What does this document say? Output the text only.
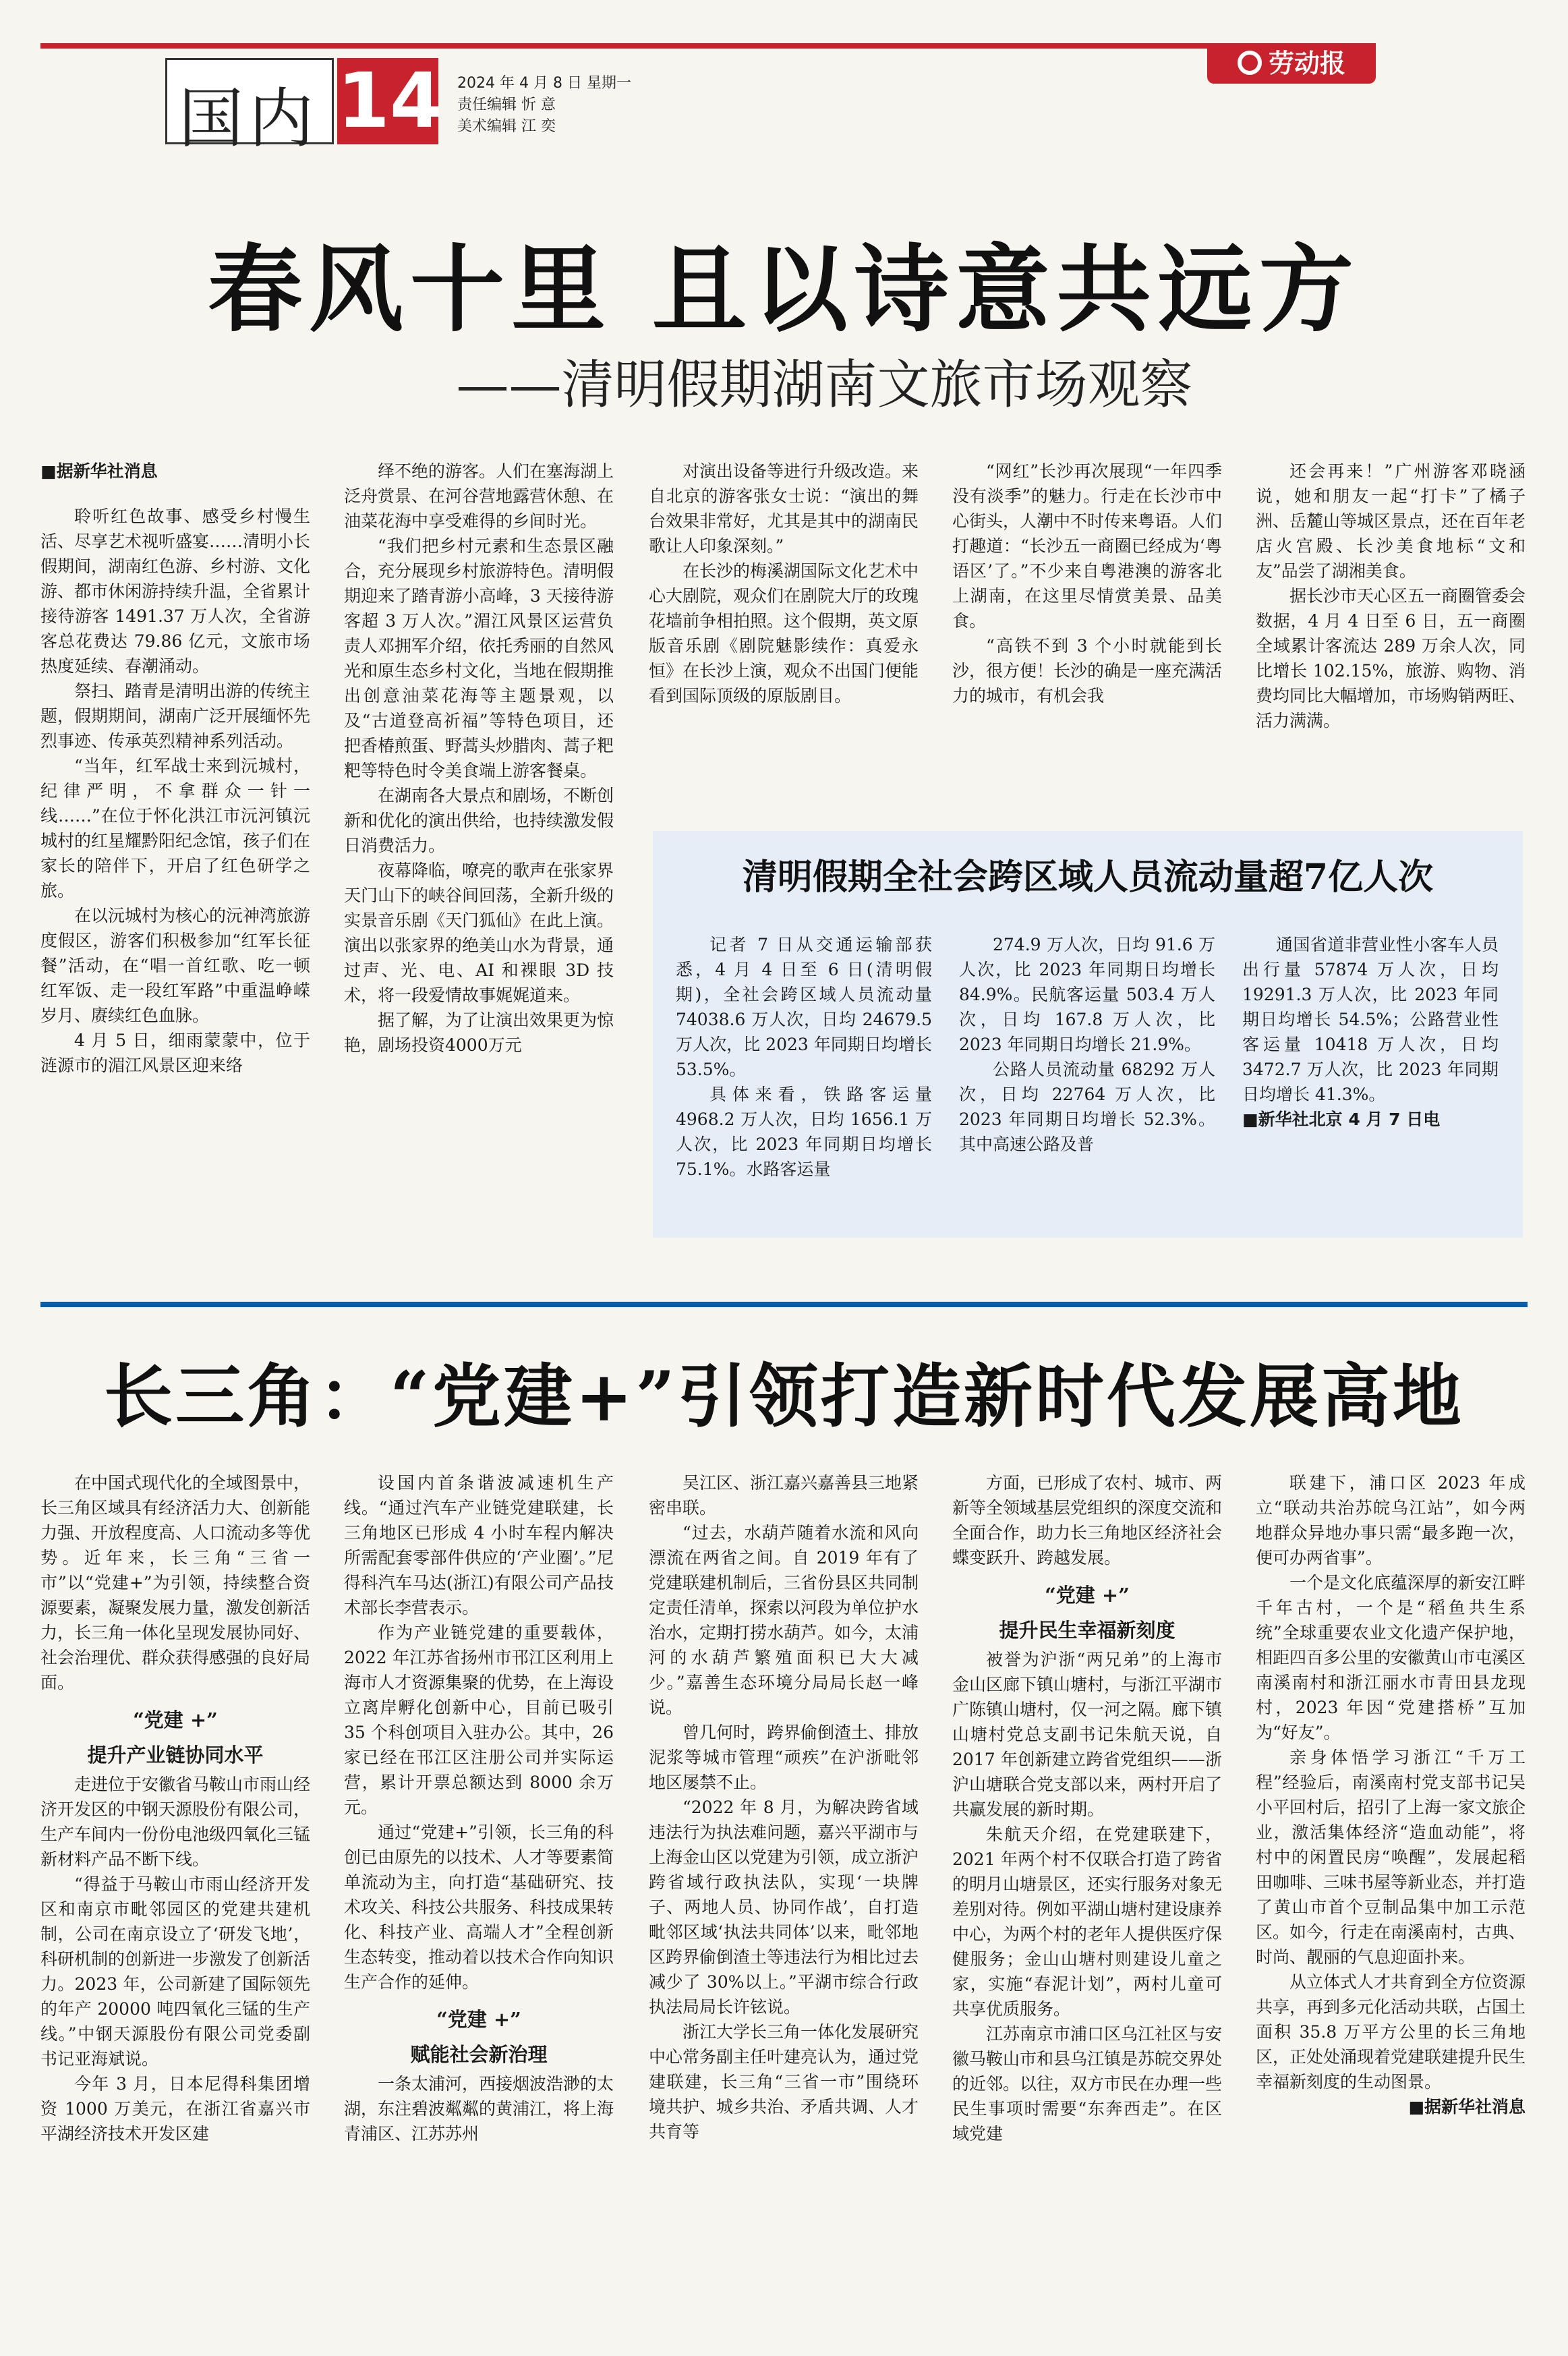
国内 14 2024 年 4 月 8 日 星期一
责任编辑 忻 意
美术编辑 江 奕
劳动报
春风十里 且以诗意共远方
——清明假期湖南文旅市场观察

■据新华社消息

聆听红色故事、感受乡村慢生活、尽享艺术视听盛宴……清明小长假期间，湖南红色游、乡村游、文化游、都市休闲游持续升温，全省累计接待游客 1491.37 万人次，全省游客总花费达 79.86 亿元，文旅市场热度延续、春潮涌动。

祭扫、踏青是清明出游的传统主题，假期期间，湖南广泛开展缅怀先烈事迹、传承英烈精神系列活动。

“当年，红军战士来到沅城村，纪律严明，不拿群众一针一线……”在位于怀化洪江市沅河镇沅城村的红星耀黔阳纪念馆，孩子们在家长的陪伴下，开启了红色研学之旅。

在以沅城村为核心的沅神湾旅游度假区，游客们积极参加“红军长征餐”活动，在“唱一首红歌、吃一顿红军饭、走一段红军路”中重温峥嵘岁月、赓续红色血脉。

4 月 5 日，细雨蒙蒙中，位于涟源市的湄江风景区迎来络

绎不绝的游客。人们在塞海湖上泛舟赏景、在河谷营地露营休憩、在油菜花海中享受难得的乡间时光。

“我们把乡村元素和生态景区融合，充分展现乡村旅游特色。清明假期迎来了踏青游小高峰，3 天接待游客超 3 万人次。”湄江风景区运营负责人邓拥军介绍，依托秀丽的自然风光和原生态乡村文化，当地在假期推出创意油菜花海等主题景观，以及“古道登高祈福”等特色项目，还把香椿煎蛋、野蒿头炒腊肉、蒿子粑粑等特色时令美食端上游客餐桌。

在湖南各大景点和剧场，不断创新和优化的演出供给，也持续激发假日消费活力。

夜幕降临，嘹亮的歌声在张家界天门山下的峡谷间回荡，全新升级的实景音乐剧《天门狐仙》在此上演。演出以张家界的绝美山水为背景，通过声、光、电、AI 和裸眼 3D 技术，将一段爱情故事娓娓道来。

据了解，为了让演出效果更为惊艳，剧场投资4000万元

对演出设备等进行升级改造。来自北京的游客张女士说：“演出的舞台效果非常好，尤其是其中的湖南民歌让人印象深刻。”

在长沙的梅溪湖国际文化艺术中心大剧院，观众们在剧院大厅的玫瑰花墙前争相拍照。这个假期，英文原版音乐剧《剧院魅影续作：真爱永恒》在长沙上演，观众不出国门便能看到国际顶级的原版剧目。

“网红”长沙再次展现“一年四季没有淡季”的魅力。行走在长沙市中心街头，人潮中不时传来粤语。人们打趣道：“长沙五一商圈已经成为‘粤语区’了。”不少来自粤港澳的游客北上湖南，在这里尽情赏美景、品美食。

“高铁不到 3 个小时就能到长沙，很方便！长沙的确是一座充满活力的城市，有机会我

还会再来！”广州游客邓晓涵说，她和朋友一起“打卡”了橘子洲、岳麓山等城区景点，还在百年老店火宫殿、长沙美食地标“文和友”品尝了湖湘美食。

据长沙市天心区五一商圈管委会数据，4 月 4 日至 6 日，五一商圈全域累计客流达 289 万余人次，同比增长 102.15%，旅游、购物、消费均同比大幅增加，市场购销两旺、活力满满。

清明假期全社会跨区域人员流动量超7亿人次

记者 7 日从交通运输部获悉，4 月 4 日至 6 日(清明假期)，全社会跨区域人员流动量 74038.6 万人次，日均 24679.5 万人次，比 2023 年同期日均增长 53.5%。

具体来看，铁路客运量 4968.2 万人次，日均 1656.1 万人次，比 2023 年同期日均增长 75.1%。水路客运量

274.9 万人次，日均 91.6 万人次，比 2023 年同期日均增长 84.9%。民航客运量 503.4 万人次，日均 167.8 万人次，比 2023 年同期日均增长 21.9%。

公路人员流动量 68292 万人次，日均 22764 万人次，比 2023 年同期日均增长 52.3%。其中高速公路及普

通国省道非营业性小客车人员出行量 57874 万人次，日均 19291.3 万人次，比 2023 年同期日均增长 54.5%；公路营业性客运量 10418 万人次，日均 3472.7 万人次，比 2023 年同期日均增长 41.3%。

■新华社北京 4 月 7 日电

长三角：“党建+”引领打造新时代发展高地

在中国式现代化的全域图景中，长三角区域具有经济活力大、创新能力强、开放程度高、人口流动多等优势。近年来，长三角“三省一市”以“党建+”为引领，持续整合资源要素，凝聚发展力量，激发创新活力，长三角一体化呈现发展协同好、社会治理优、群众获得感强的良好局面。

“党建 +”
提升产业链协同水平

走进位于安徽省马鞍山市雨山经济开发区的中钢天源股份有限公司，生产车间内一份份电池级四氧化三锰新材料产品不断下线。

“得益于马鞍山市雨山经济开发区和南京市毗邻园区的党建共建机制，公司在南京设立了‘研发飞地’，科研机制的创新进一步激发了创新活力。2023 年，公司新建了国际领先的年产 20000 吨四氧化三锰的生产线。”中钢天源股份有限公司党委副书记亚海斌说。

今年 3 月，日本尼得科集团增资 1000 万美元，在浙江省嘉兴市平湖经济技术开发区建

设国内首条谐波减速机生产线。“通过汽车产业链党建联建，长三角地区已形成 4 小时车程内解决所需配套零部件供应的‘产业圈’。”尼得科汽车马达(浙江)有限公司产品技术部长李营表示。

作为产业链党建的重要载体，2022 年江苏省扬州市邗江区利用上海市人才资源集聚的优势，在上海设立离岸孵化创新中心，目前已吸引 35 个科创项目入驻办公。其中，26 家已经在邗江区注册公司并实际运营，累计开票总额达到 8000 余万元。

通过“党建+”引领，长三角的科创已由原先的以技术、人才等要素简单流动为主，向打造“基础研究、技术攻关、科技公共服务、科技成果转化、科技产业、高端人才”全程创新生态转变，推动着以技术合作向知识生产合作的延伸。

“党建 +”
赋能社会新治理

一条太浦河，西接烟波浩渺的太湖，东注碧波粼粼的黄浦江，将上海青浦区、江苏苏州

吴江区、浙江嘉兴嘉善县三地紧密串联。

“过去，水葫芦随着水流和风向漂流在两省之间。自 2019 年有了党建联建机制后，三省份县区共同制定责任清单，探索以河段为单位护水治水，定期打捞水葫芦。如今，太浦河的水葫芦繁殖面积已大大减少。”嘉善生态环境分局局长赵一峰说。

曾几何时，跨界偷倒渣土、排放泥浆等城市管理“顽疾”在沪浙毗邻地区屡禁不止。

“2022 年 8 月，为解决跨省域违法行为执法难问题，嘉兴平湖市与上海金山区以党建为引领，成立浙沪跨省域行政执法队，实现‘一块牌子、两地人员、协同作战’，自打造毗邻区域‘执法共同体’以来，毗邻地区跨界偷倒渣土等违法行为相比过去减少了 30%以上。”平湖市综合行政执法局局长许铉说。

浙江大学长三角一体化发展研究中心常务副主任叶建亮认为，通过党建联建，长三角“三省一市”围绕环境共护、城乡共治、矛盾共调、人才共育等

方面，已形成了农村、城市、两新等全领域基层党组织的深度交流和全面合作，助力长三角地区经济社会蝶变跃升、跨越发展。

“党建 +”
提升民生幸福新刻度

被誉为沪浙“两兄弟”的上海市金山区廊下镇山塘村，与浙江平湖市广陈镇山塘村，仅一河之隔。廊下镇山塘村党总支副书记朱航天说，自 2017 年创新建立跨省党组织——浙沪山塘联合党支部以来，两村开启了共赢发展的新时期。

朱航天介绍，在党建联建下，2021 年两个村不仅联合打造了跨省的明月山塘景区，还实行服务对象无差别对待。例如平湖山塘村建设康养中心，为两个村的老年人提供医疗保健服务；金山山塘村则建设儿童之家，实施“春泥计划”，两村儿童可共享优质服务。

江苏南京市浦口区乌江社区与安徽马鞍山市和县乌江镇是苏皖交界处的近邻。以往，双方市民在办理一些民生事项时需要“东奔西走”。在区域党建

联建下，浦口区 2023 年成立“联动共治苏皖乌江站”，如今两地群众异地办事只需“最多跑一次，便可办两省事”。

一个是文化底蕴深厚的新安江畔千年古村，一个是“稻鱼共生系统”全球重要农业文化遗产保护地，相距四百多公里的安徽黄山市屯溪区南溪南村和浙江丽水市青田县龙现村，2023 年因“党建搭桥”互加为“好友”。

亲身体悟学习浙江“千万工程”经验后，南溪南村党支部书记吴小平回村后，招引了上海一家文旅企业，激活集体经济“造血动能”，将村中的闲置民房“唤醒”，发展起稻田咖啡、三味书屋等新业态，并打造了黄山市首个豆制品集中加工示范区。如今，行走在南溪南村，古典、时尚、靓丽的气息迎面扑来。

从立体式人才共育到全方位资源共享，再到多元化活动共联，占国土面积 35.8 万平方公里的长三角地区，正处处涌现着党建联建提升民生幸福新刻度的生动图景。

■据新华社消息
